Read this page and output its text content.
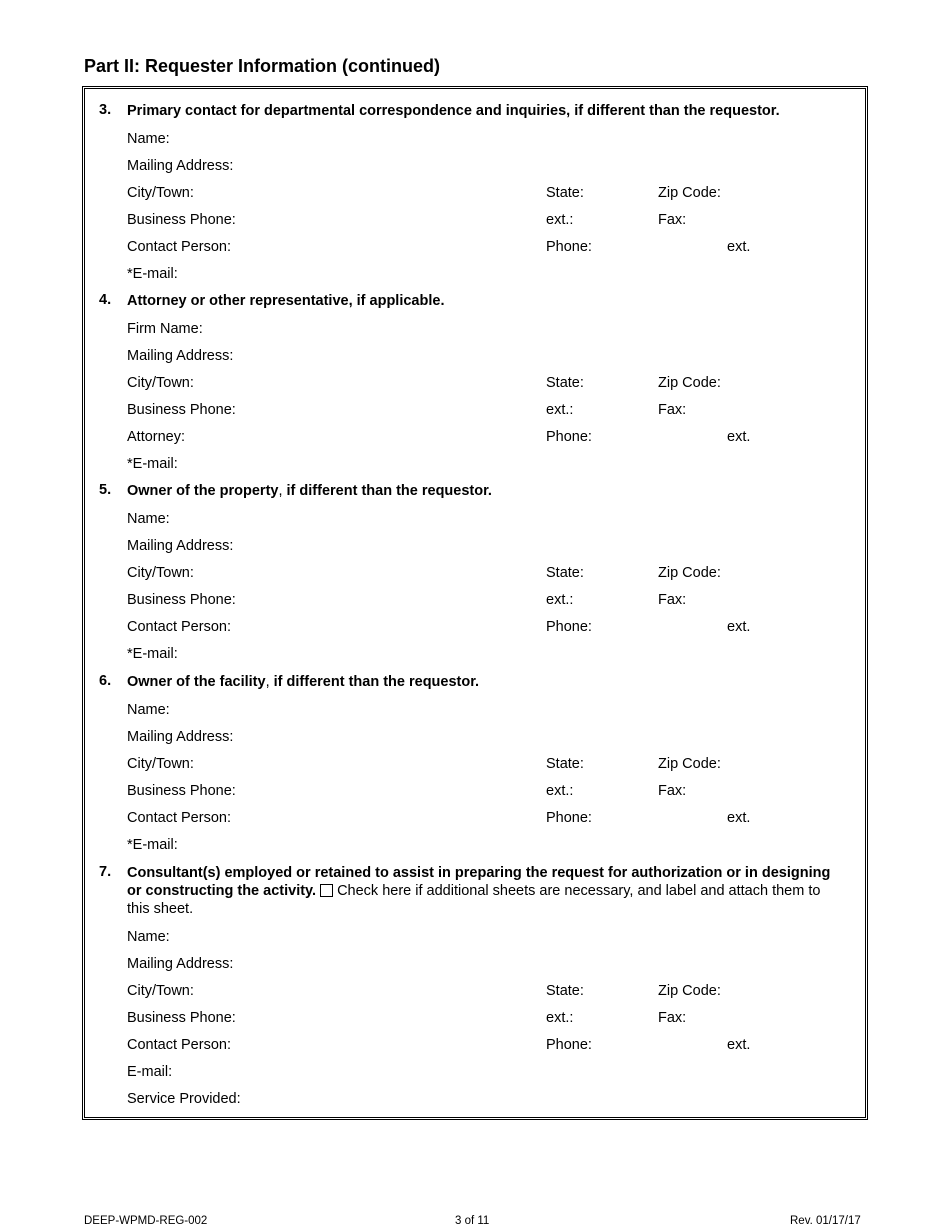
Part II: Requester Information (continued)
3. Primary contact for departmental correspondence and inquiries, if different than the requestor.
Name:
Mailing Address:
City/Town:	State:	Zip Code:
Business Phone:	ext.:	Fax:
Contact Person:	Phone:	ext.
*E-mail:
4. Attorney or other representative, if applicable.
Firm Name:
Mailing Address:
City/Town:	State:	Zip Code:
Business Phone:	ext.:	Fax:
Attorney:	Phone:	ext.
*E-mail:
5. Owner of the property, if different than the requestor.
Name:
Mailing Address:
City/Town:	State:	Zip Code:
Business Phone:	ext.:	Fax:
Contact Person:	Phone:	ext.
*E-mail:
6. Owner of the facility, if different than the requestor.
Name:
Mailing Address:
City/Town:	State:	Zip Code:
Business Phone:	ext.:	Fax:
Contact Person:	Phone:	ext.
*E-mail:
7. Consultant(s) employed or retained to assist in preparing the request for authorization or in designing or constructing the activity. Check here if additional sheets are necessary, and label and attach them to this sheet.
Name:
Mailing Address:
City/Town:	State:	Zip Code:
Business Phone:	ext.:	Fax:
Contact Person:	Phone:	ext.
E-mail:
Service Provided:
DEEP-WPMD-REG-002	3 of 11	Rev. 01/17/17
